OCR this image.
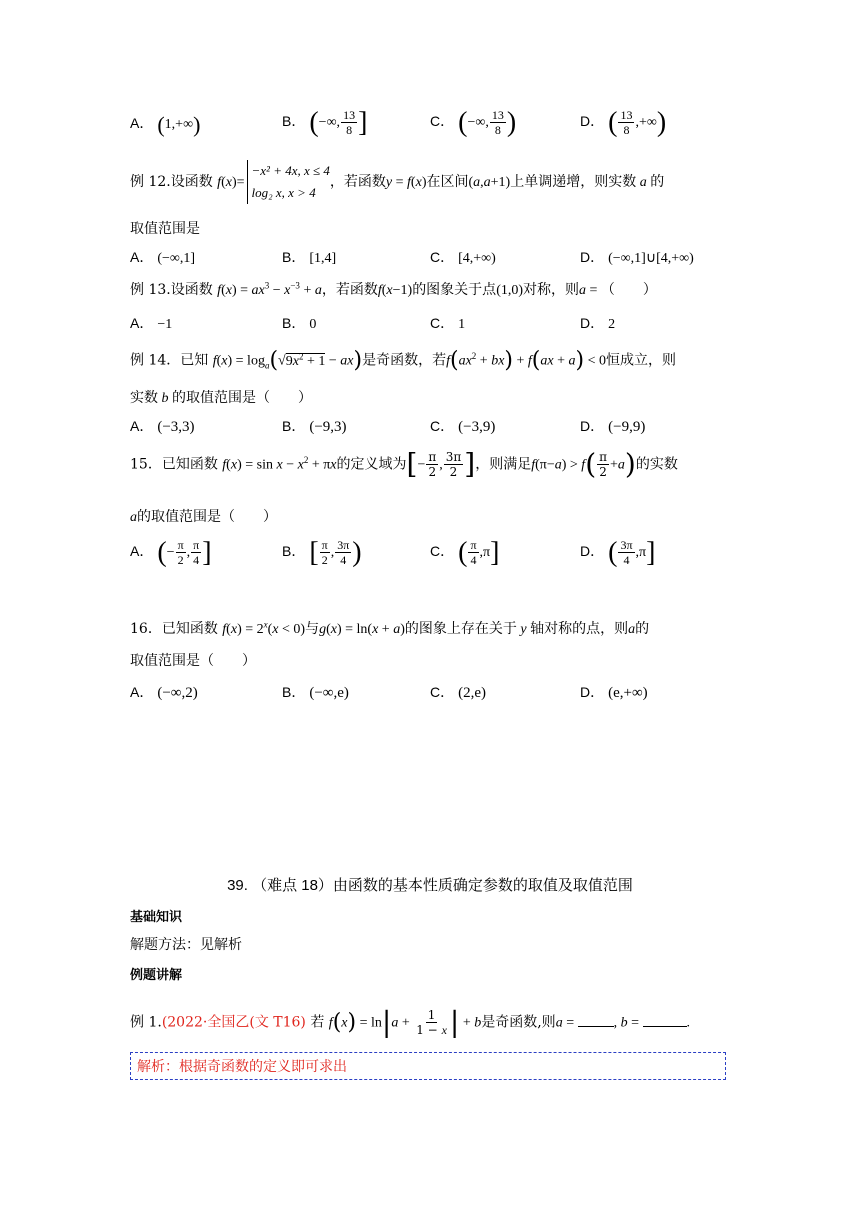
A． (1,+∞)	B． (−∞, $\frac{13}{8}$ ]	C． (−∞, $\frac{13}{8}$ )	D． ( $\frac{13}{8}$ ,+∞)
例 12.设函数 f(x)=
−x² + 4x, x ≤ 4
log₂ x, x > 4
，若函数y = f(x)在区间(a,a+1)上单调递增，则实数 a 的
取值范围是
A． (−∞,1]	B． [1,4]	C． [4,+∞)	D． (−∞,1]∪[4,+∞)
例 13.设函数 $f(x) = ax^3 - x^{-3} + a$，若函数f(x−1)的图象关于点(1,0)对称，则a = （　　）
A． −1	B． 0	C． 1	D． 2
例 14．已知 $f(x) = \log_a(√9x^2 + 1 - ax)$是奇函数，若$f(ax^2 + bx) + f(ax + a) < 0$恒成立，则
实数 b 的取值范围是（　　）
A． (−3,3)	B． (−9,3)	C． (−3,9)	D． (−9,9)
15．已知函数 $f(x) = \sin x - x^2 + \pi x$的定义域为[− $\frac{\pi}{2}$ , $\frac{3\pi}{2}$ ]，则满足$f(\pi-a) > f( \frac{\pi}{2} +a)$的实数
a的取值范围是（　　）
A． (− $\frac{\pi}{2}$ , $\frac{\pi}{4}$ ]	B． [ $\frac{\pi}{2}$ , $\frac{3\pi}{4}$ )	C． ( $\frac{\pi}{4} ,\pi$]	D． ( $\frac{3\pi}{4} ,\pi$]
16．已知函数 $f(x) = 2^x(x < 0)$与g(x) = ln(x + a)的图象上存在关于 y 轴对称的点，则a的
取值范围是（　　）
A． (−∞,2)	B． (−∞,e)	C． (2,e)	D． (e,+∞)
39. （难点 18）由函数的基本性质确定参数的取值及取值范围
基础知识
解题方法：见解析
例题讲解
例 1.(2022·全国乙(文 T16) 若 $f(x) = \ln|a + \frac{1}{1 - x}$ | + b是奇函数,则a =	, b =	.
解析：根据奇函数的定义即可求出
